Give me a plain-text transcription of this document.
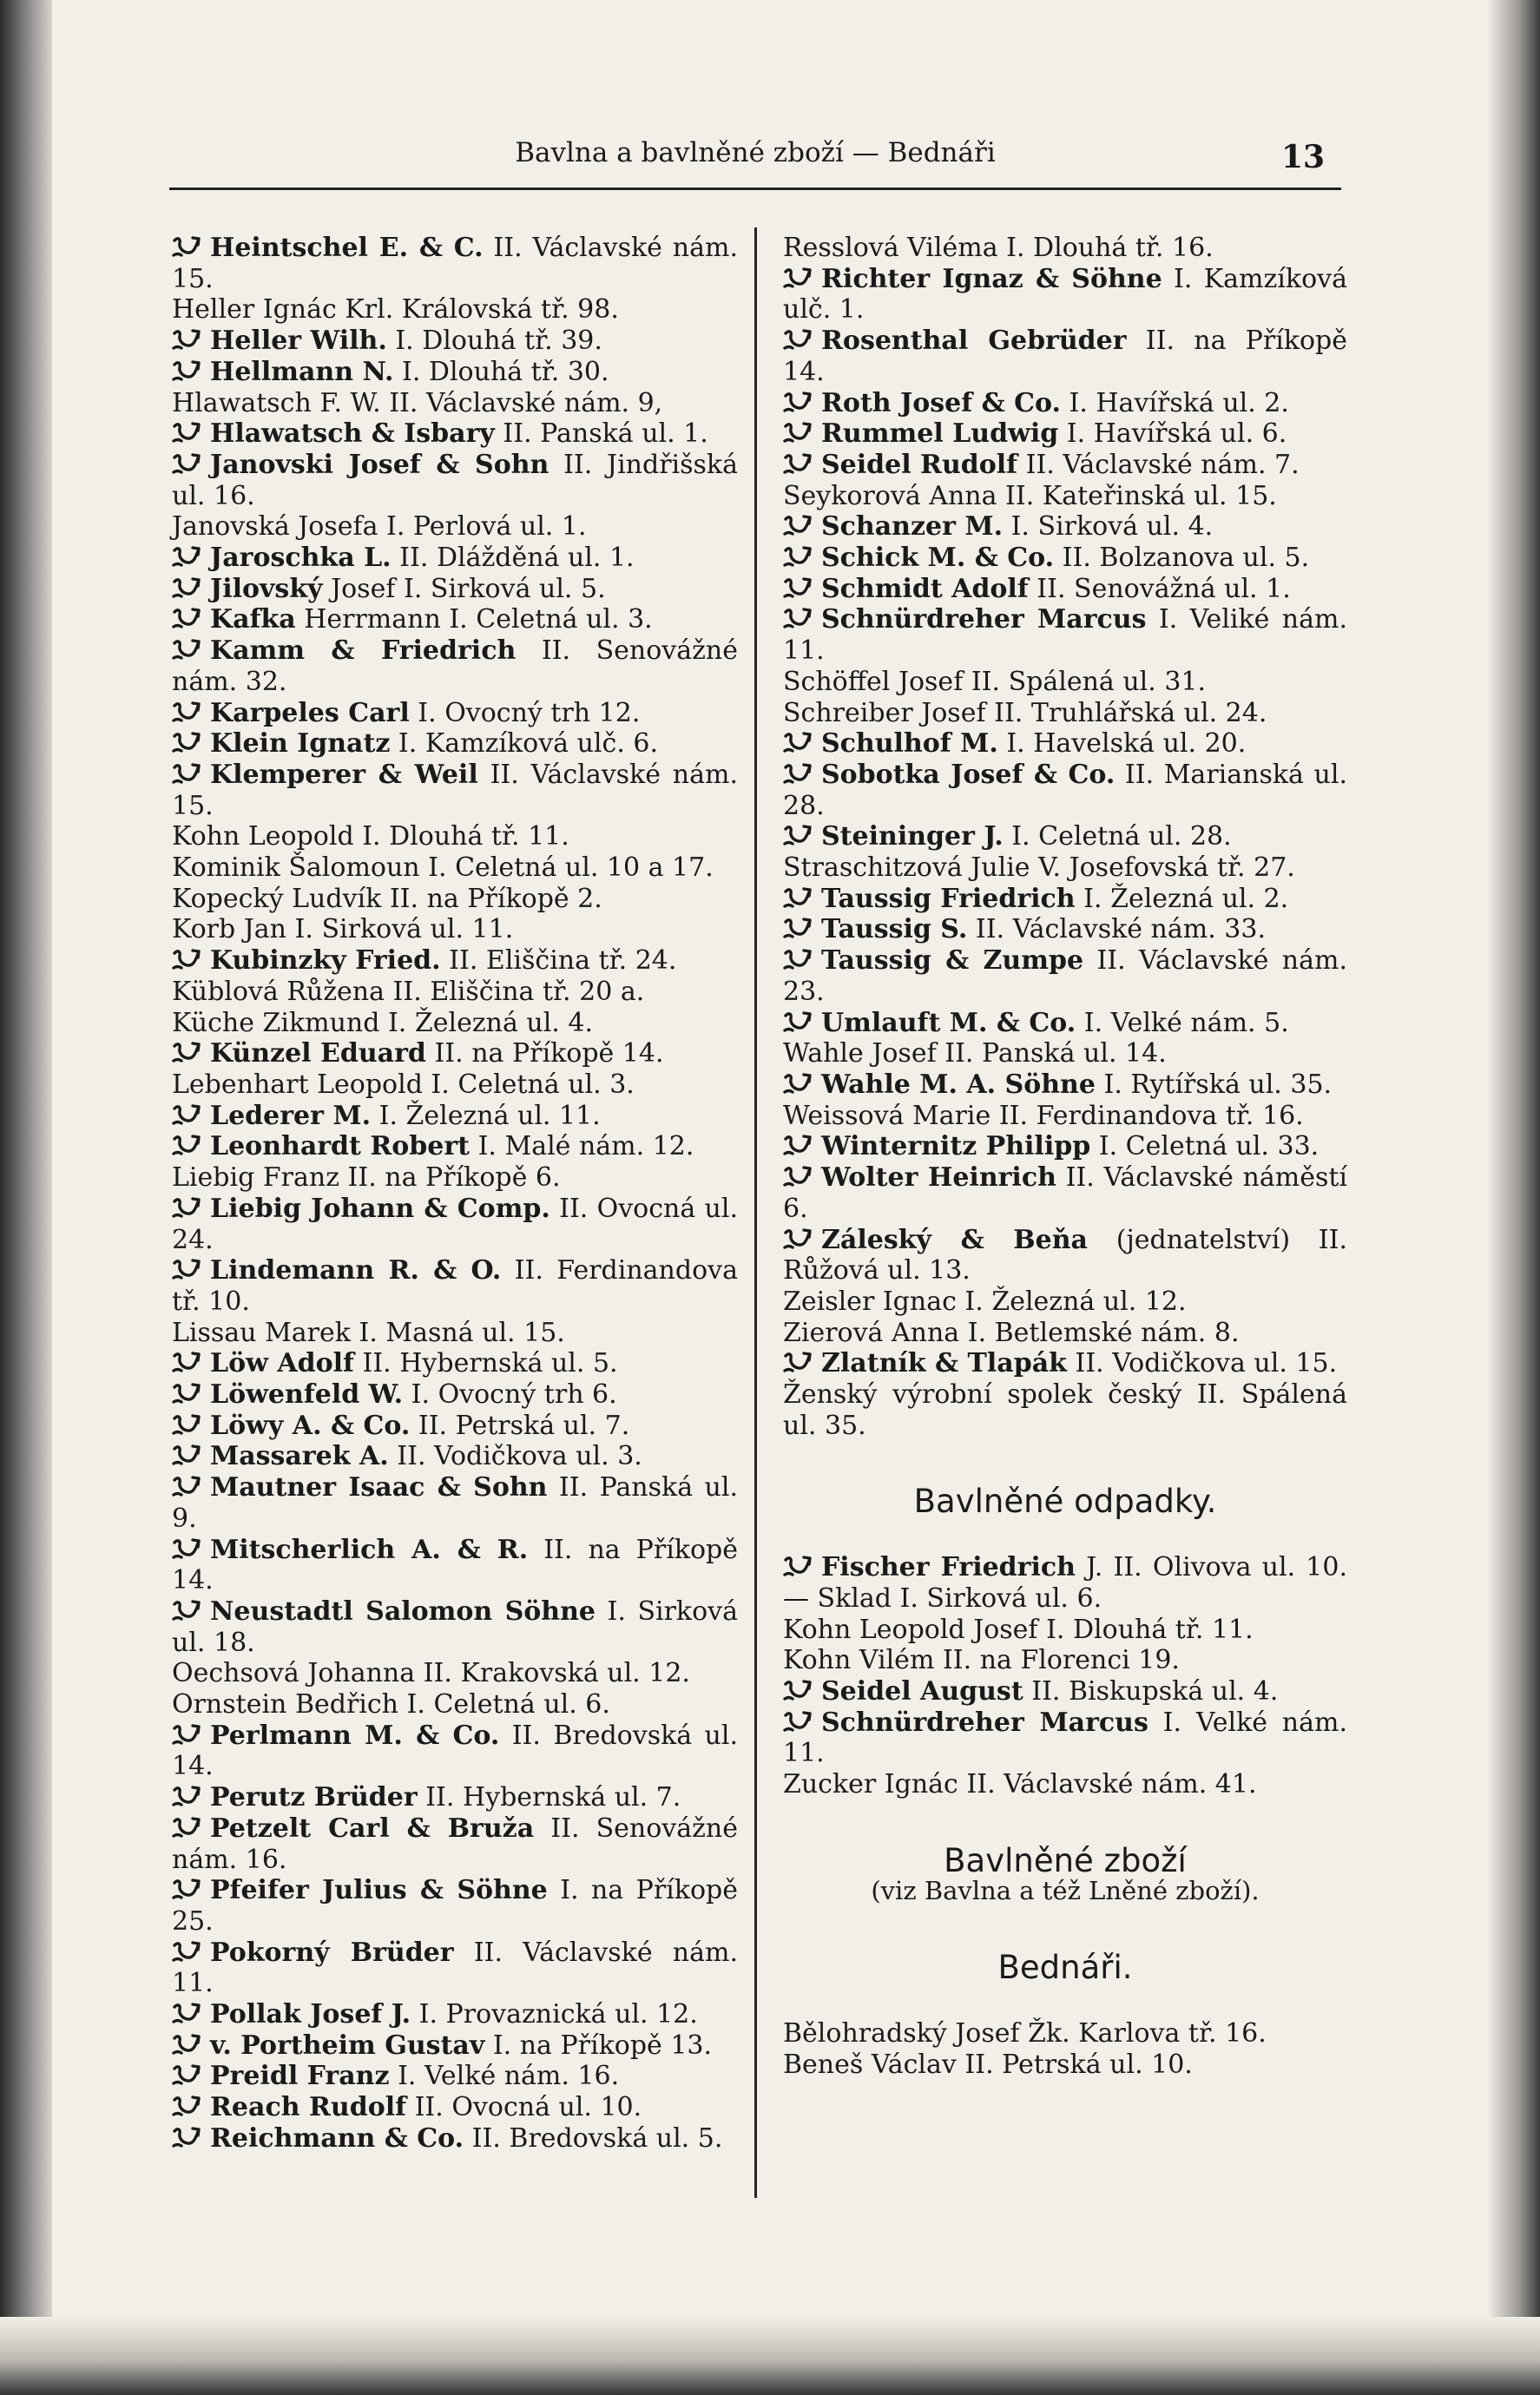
Bavlna a bavlněné zboží — Bednáři	13

Heintschel E. & C. II. Václavské nám. 15.

Heller Ignác Krl. Královská tř. 98.

Heller Wilh. I. Dlouhá tř. 39.

Hellmann N. I. Dlouhá tř. 30.

Hlawatsch F. W. II. Václavské nám. 9,

Hlawatsch & Isbary II. Panská ul. 1.

Janovski Josef & Sohn II. Jindřišská ul. 16.

Janovská Josefa I. Perlová ul. 1.

Jaroschka L. II. Dlážděná ul. 1.

Jilovský Josef I. Sirková ul. 5.

Kafka Herrmann I. Celetná ul. 3.

Kamm & Friedrich II. Senovážné nám. 32.

Karpeles Carl I. Ovocný trh 12.

Klein Ignatz I. Kamzíková ulč. 6.

Klemperer & Weil II. Václavské nám. 15.

Kohn Leopold I. Dlouhá tř. 11.

Kominik Šalomoun I. Celetná ul. 10 a 17.

Kopecký Ludvík II. na Příkopě 2.

Korb Jan I. Sirková ul. 11.

Kubinzky Fried. II. Eliščina tř. 24.

Küblová Růžena II. Eliščina tř. 20 a.

Küche Zikmund I. Železná ul. 4.

Künzel Eduard II. na Příkopě 14.

Lebenhart Leopold I. Celetná ul. 3.

Lederer M. I. Železná ul. 11.

Leonhardt Robert I. Malé nám. 12.

Liebig Franz II. na Příkopě 6.

Liebig Johann & Comp. II. Ovocná ul. 24.

Lindemann R. & O. II. Ferdinandova tř. 10.

Lissau Marek I. Masná ul. 15.

Löw Adolf II. Hybernská ul. 5.

Löwenfeld W. I. Ovocný trh 6.

Löwy A. & Co. II. Petrská ul. 7.

Massarek A. II. Vodičkova ul. 3.

Mautner Isaac & Sohn II. Panská ul. 9.

Mitscherlich A. & R. II. na Příkopě 14.

Neustadtl Salomon Söhne I. Sirková ul. 18.

Oechsová Johanna II. Krakovská ul. 12.

Ornstein Bedřich I. Celetná ul. 6.

Perlmann M. & Co. II. Bredovská ul. 14.

Perutz Brüder II. Hybernská ul. 7.

Petzelt Carl & Bruža II. Senovážné nám. 16.

Pfeifer Julius & Söhne I. na Příkopě 25.

Pokorný Brüder II. Václavské nám. 11.

Pollak Josef J. I. Provaznická ul. 12.

v. Portheim Gustav I. na Příkopě 13.

Preidl Franz I. Velké nám. 16.

Reach Rudolf II. Ovocná ul. 10.

Reichmann & Co. II. Bredovská ul. 5.

Resslová Viléma I. Dlouhá tř. 16.

Richter Ignaz & Söhne I. Kamzíková ulč. 1.

Rosenthal Gebrüder II. na Příkopě 14.

Roth Josef & Co. I. Havířská ul. 2.

Rummel Ludwig I. Havířská ul. 6.

Seidel Rudolf II. Václavské nám. 7.

Seykorová Anna II. Kateřinská ul. 15.

Schanzer M. I. Sirková ul. 4.

Schick M. & Co. II. Bolzanova ul. 5.

Schmidt Adolf II. Senovážná ul. 1.

Schnürdreher Marcus I. Veliké nám. 11.

Schöffel Josef II. Spálená ul. 31.

Schreiber Josef II. Truhlářská ul. 24.

Schulhof M. I. Havelská ul. 20.

Sobotka Josef & Co. II. Marianská ul. 28.

Steininger J. I. Celetná ul. 28.

Straschitzová Julie V. Josefovská tř. 27.

Taussig Friedrich I. Železná ul. 2.

Taussig S. II. Václavské nám. 33.

Taussig & Zumpe II. Václavské nám. 23.

Umlauft M. & Co. I. Velké nám. 5.

Wahle Josef II. Panská ul. 14.

Wahle M. A. Söhne I. Rytířská ul. 35.

Weissová Marie II. Ferdinandova tř. 16.

Winternitz Philipp I. Celetná ul. 33.

Wolter Heinrich II. Václavské náměstí 6.

Záleský & Beňa (jednatelství) II. Růžová ul. 13.

Zeisler Ignac I. Železná ul. 12.

Zierová Anna I. Betlemské nám. 8.

Zlatník & Tlapák II. Vodičkova ul. 15.

Ženský výrobní spolek český II. Spálená ul. 35.

Bavlněné odpadky.

Fischer Friedrich J. II. Olivova ul. 10. — Sklad I. Sirková ul. 6.

Kohn Leopold Josef I. Dlouhá tř. 11.

Kohn Vilém II. na Florenci 19.

Seidel August II. Biskupská ul. 4.

Schnürdreher Marcus I. Velké nám. 11.

Zucker Ignác II. Václavské nám. 41.

Bavlněné zboží

(viz Bavlna a též Lněné zboží).

Bednáři.

Bělohradský Josef Žk. Karlova tř. 16.

Beneš Václav II. Petrská ul. 10.
